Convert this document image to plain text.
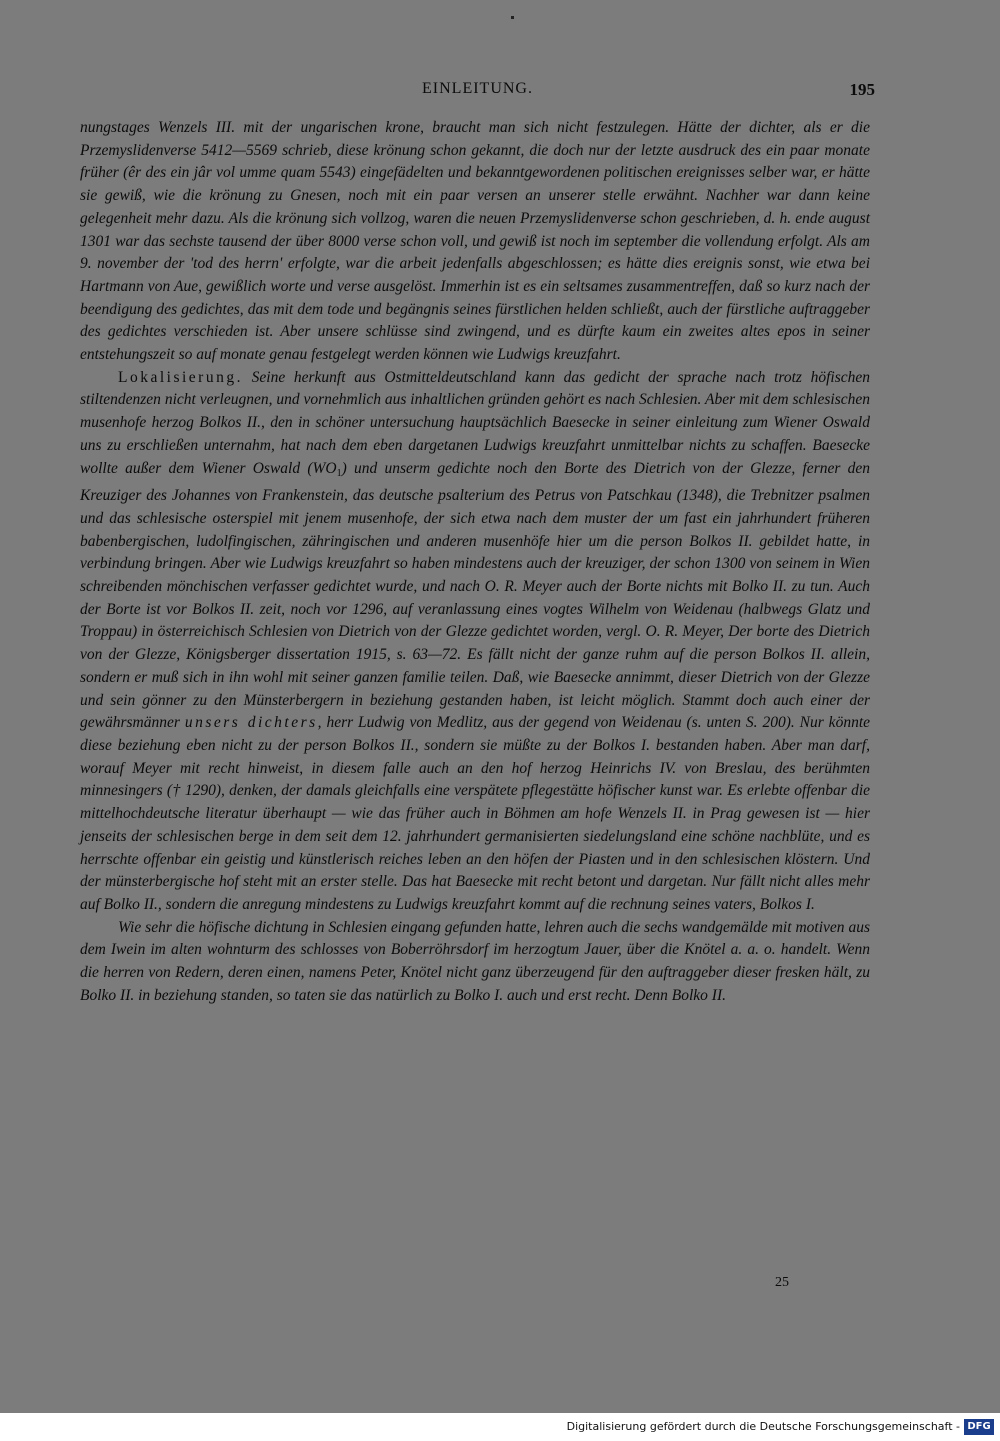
EINLEITUNG.	195

nungstages Wenzels III. mit der ungarischen krone, braucht man sich nicht festzulegen. Hätte der dichter, als er die Przemyslidenverse 5412—5569 schrieb, diese krönung schon gekannt, die doch nur der letzte ausdruck des ein paar monate früher (êr des ein jâr vol umme quam 5543) eingefädelten und bekanntgewordenen politischen ereignisses selber war, er hätte sie gewiß, wie die krönung zu Gnesen, noch mit ein paar versen an unserer stelle erwähnt. Nachher war dann keine gelegenheit mehr dazu. Als die krönung sich vollzog, waren die neuen Przemyslidenverse schon geschrieben, d. h. ende august 1301 war das sechste tausend der über 8000 verse schon voll, und gewiß ist noch im september die vollendung erfolgt. Als am 9. november der 'tod des herrn' erfolgte, war die arbeit jedenfalls abgeschlossen; es hätte dies ereignis sonst, wie etwa bei Hartmann von Aue, gewißlich worte und verse ausgelöst. Immerhin ist es ein seltsames zusammentreffen, daß so kurz nach der beendigung des gedichtes, das mit dem tode und begängnis seines fürstlichen helden schließt, auch der fürstliche auftraggeber des gedichtes verschieden ist. Aber unsere schlüsse sind zwingend, und es dürfte kaum ein zweites altes epos in seiner entstehungszeit so auf monate genau festgelegt werden können wie Ludwigs kreuzfahrt.

Lokalisierung. Seine herkunft aus Ostmitteldeutschland kann das gedicht der sprache nach trotz höfischen stiltendenzen nicht verleugnen, und vornehmlich aus inhaltlichen gründen gehört es nach Schlesien. Aber mit dem schlesischen musenhofe herzog Bolkos II., den in schöner untersuchung hauptsächlich Baesecke in seiner einleitung zum Wiener Oswald uns zu erschließen unternahm, hat nach dem eben dargetanen Ludwigs kreuzfahrt unmittelbar nichts zu schaffen. Baesecke wollte außer dem Wiener Oswald $(WO_1)$ und unserm gedichte noch den Borte des Dietrich von der Glezze, ferner den Kreuziger des Johannes von Frankenstein, das deutsche psalterium des Petrus von Patschkau (1348), die Trebnitzer psalmen und das schlesische osterspiel mit jenem musenhofe, der sich etwa nach dem muster der um fast ein jahrhundert früheren babenbergischen, ludolfingischen, zähringischen und anderen musenhöfe hier um die person Bolkos II. gebildet hatte, in verbindung bringen. Aber wie Ludwigs kreuzfahrt so haben mindestens auch der kreuziger, der schon 1300 von seinem in Wien schreibenden mönchischen verfasser gedichtet wurde, und nach O. R. Meyer auch der Borte nichts mit Bolko II. zu tun. Auch der Borte ist vor Bolkos II. zeit, noch vor 1296, auf veranlassung eines vogtes Wilhelm von Weidenau (halbwegs Glatz und Troppau) in österreichisch Schlesien von Dietrich von der Glezze gedichtet worden, vergl. O. R. Meyer, Der borte des Dietrich von der Glezze, Königsberger dissertation 1915, s. 63—72. Es fällt nicht der ganze ruhm auf die person Bolkos II. allein, sondern er muß sich in ihn wohl mit seiner ganzen familie teilen. Daß, wie Baesecke annimmt, dieser Dietrich von der Glezze und sein gönner zu den Münsterbergern in beziehung gestanden haben, ist leicht möglich. Stammt doch auch einer der gewährsmänner unsers dichters, herr Ludwig von Medlitz, aus der gegend von Weidenau (s. unten S. 200). Nur könnte diese beziehung eben nicht zu der person Bolkos II., sondern sie müßte zu der Bolkos I. bestanden haben. Aber man darf, worauf Meyer mit recht hinweist, in diesem falle auch an den hof herzog Heinrichs IV. von Breslau, des berühmten minnesingers († 1290), denken, der damals gleichfalls eine verspätete pflegestätte höfischer kunst war. Es erlebte offenbar die mittelhochdeutsche literatur überhaupt — wie das früher auch in Böhmen am hofe Wenzels II. in Prag gewesen ist — hier jenseits der schlesischen berge in dem seit dem 12. jahrhundert germanisierten siedelungsland eine schöne nachblüte, und es herrschte offenbar ein geistig und künstlerisch reiches leben an den höfen der Piasten und in den schlesischen klöstern. Und der münsterbergische hof steht mit an erster stelle. Das hat Baesecke mit recht betont und dargetan. Nur fällt nicht alles mehr auf Bolko II., sondern die anregung mindestens zu Ludwigs kreuzfahrt kommt auf die rechnung seines vaters, Bolkos I.

Wie sehr die höfische dichtung in Schlesien eingang gefunden hatte, lehren auch die sechs wandgemälde mit motiven aus dem Iwein im alten wohnturm des schlosses von Boberröhrsdorf im herzogtum Jauer, über die Knötel a. a. o. handelt. Wenn die herren von Redern, deren einen, namens Peter, Knötel nicht ganz überzeugend für den auftraggeber dieser fresken hält, zu Bolko II. in beziehung standen, so taten sie das natürlich zu Bolko I. auch und erst recht. Denn Bolko II.

25
Digitalisierung gefördert durch die Deutsche Forschungsgemeinschaft - DFG
